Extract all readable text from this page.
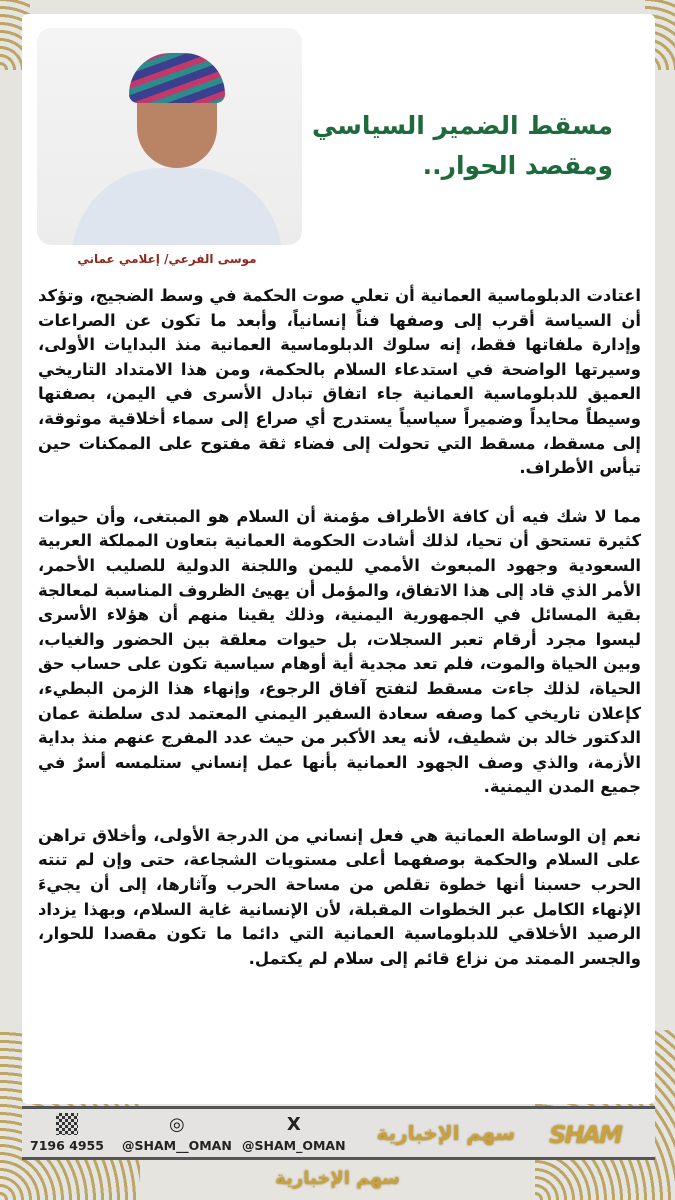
مسقط الضمير السياسي
ومقصد الحوار..
موسى الفرعي/ إعلامي عماني

اعتادت الدبلوماسية العمانية أن تعلي صوت الحكمة في وسط الضجيج، وتؤكد أن السياسة أقرب إلى وصفها فناً إنسانياً، وأبعد ما تكون عن الصراعات وإدارة ملفاتها فقط، إنه سلوك الدبلوماسية العمانية منذ البدايات الأولى، وسيرتها الواضحة في استدعاء السلام بالحكمة، ومن هذا الامتداد التاريخي العميق للدبلوماسية العمانية جاء اتفاق تبادل الأسرى في اليمن، بصفتها وسيطاً محايداً وضميراً سياسياً يستدرج أي صراع إلى سماء أخلاقية موثوقة، إلى مسقط، مسقط التي تحولت إلى فضاء ثقة مفتوح على الممكنات حين تيأس الأطراف.

مما لا شك فيه أن كافة الأطراف مؤمنة أن السلام هو المبتغى، وأن حيوات كثيرة تستحق أن تحيا، لذلك أشادت الحكومة العمانية بتعاون المملكة العربية السعودية وجهود المبعوث الأممي لليمن واللجنة الدولية للصليب الأحمر، الأمر الذي قاد إلى هذا الاتفاق، والمؤمل أن يهيئ الظروف المناسبة لمعالجة بقية المسائل في الجمهورية اليمنية، وذلك يقينا منهم أن هؤلاء الأسرى ليسوا مجرد أرقام تعبر السجلات، بل حيوات معلقة بين الحضور والغياب، وبين الحياة والموت، فلم تعد مجدية أية أوهام سياسية تكون على حساب حق الحياة، لذلك جاءت مسقط لتفتح آفاق الرجوع، وإنهاء هذا الزمن البطيء، كإعلان تاريخي كما وصفه سعادة السفير اليمني المعتمد لدى سلطنة عمان الدكتور خالد بن شطيف، لأنه يعد الأكبر من حيث عدد المفرج عنهم منذ بداية الأزمة، والذي وصف الجهود العمانية بأنها عمل إنساني ستلمسه أسرٌ في جميع المدن اليمنية.

نعم إن الوساطة العمانية هي فعل إنساني من الدرجة الأولى، وأخلاق تراهن على السلام والحكمة بوصفهما أعلى مستويات الشجاعة، حتى وإن لم تنته الحرب حسبنا أنها خطوة تقلص من مساحة الحرب وآثارها، إلى أن يجيءَ الإنهاء الكامل عبر الخطوات المقبلة، لأن الإنسانية غاية السلام، وبهذا يزداد الرصيد الأخلاقي للدبلوماسية العمانية التي دائما ما تكون مقصدا للحوار، والجسر الممتد من نزاع قائم إلى سلام لم يكتمل.

7196 4955
◎
@SHAM__OMAN
X
@SHAM_OMAN
سهم الإخبارية SHAM
سهم الإخبارية
